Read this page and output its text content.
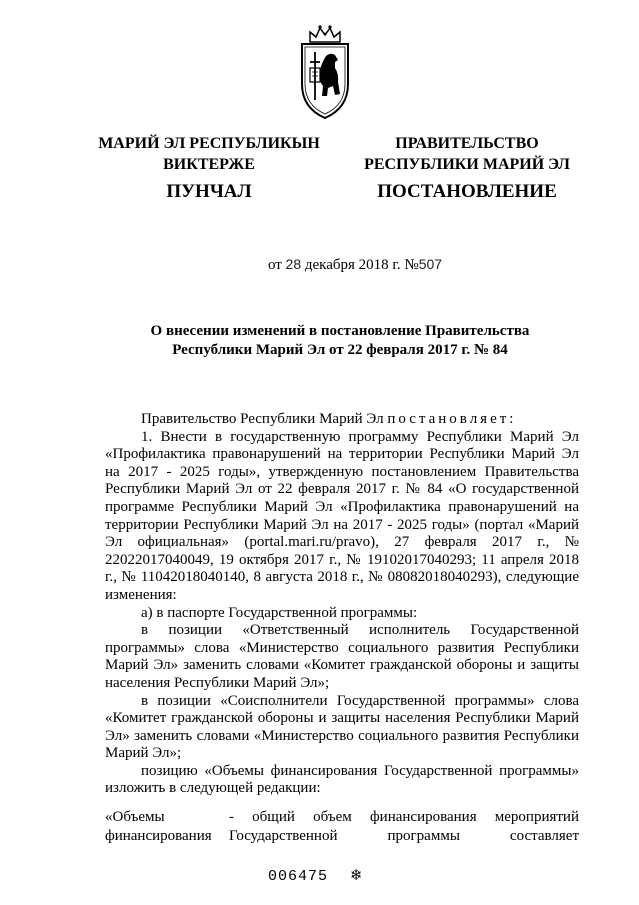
МАРИЙ ЭЛ РЕСПУБЛИКЫН
ВИКТЕРЖЕ
ПРАВИТЕЛЬСТВО
РЕСПУБЛИКИ МАРИЙ ЭЛ
ПУНЧАЛ	ПОСТАНОВЛЕНИЕ
от 28 декабря 2018 г. №507
О внесении изменений в постановление Правительства
Республики Марий Эл от 22 февраля 2017 г. № 84

Правительство Республики Марий Эл постановляет:

1. Внести в государственную программу Республики Марий Эл «Профилактика правонарушений на территории Республики Марий Эл на 2017 - 2025 годы», утвержденную постановлением Правительства Республики Марий Эл от 22 февраля 2017 г. № 84 «О государственной программе Республики Марий Эл «Профилактика правонарушений на территории Республики Марий Эл на 2017 - 2025 годы» (портал «Марий Эл официальная» (portal.mari.ru/pravo), 27 февраля 2017 г., № 22022017040049, 19 октября 2017 г., № 19102017040293; 11 апреля 2018 г., № 11042018040140, 8 августа 2018 г., № 08082018040293), следующие изменения:

а) в паспорте Государственной программы:

в позиции «Ответственный исполнитель Государственной программы» слова «Министерство социального развития Республики Марий Эл» заменить словами «Комитет гражданской обороны и защиты населения Республики Марий Эл»;

в позиции «Соисполнители Государственной программы» слова «Комитет гражданской обороны и защиты населения Республики Марий Эл» заменить словами «Министерство социального развития Республики Марий Эл»;

позицию «Объемы финансирования Государственной программы» изложить в следующей редакции:

«Объемы	- общий объем финансирования мероприятий
финансирования Государственной программы составляет
006475 ❄
